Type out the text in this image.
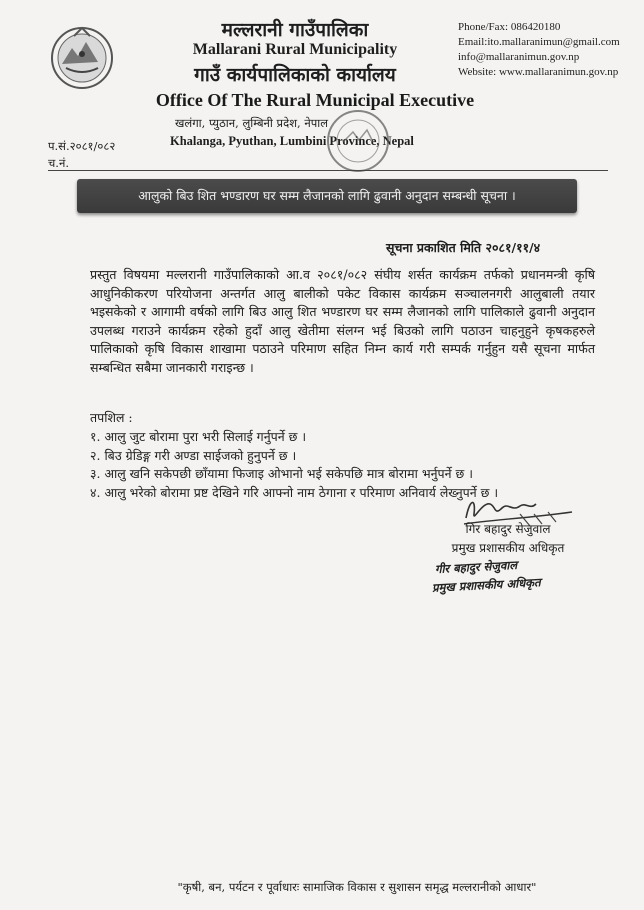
मल्लरानी गाउँपालिका
Mallarani Rural Municipality
गाउँ कार्यपालिकाको कार्यालय
Office Of The Rural Municipal Executive
खलंगा, प्युठान, लुम्बिनी प्रदेश, नेपाल
Khalanga, Pyuthan, Lumbini Province, Nepal
Phone/Fax: 086420180
Email:ito.mallaranimun@gmail.com
info@mallaranimun.gov.np
Website: www.mallaranimun.gov.np
प.सं.२०८१/०८२
च.नं.
आलुको बिउ शित भण्डारण घर सम्म लैजानको लागि ढुवानी अनुदान सम्बन्धी सूचना ।
सूचना प्रकाशित मिति २०८१/११/४
प्रस्तुत विषयमा मल्लरानी गाउँपालिकाको आ.व २०८१/०८२ संघीय शर्सत कार्यक्रम तर्फको प्रधानमन्त्री कृषि आधुनिकीकरण परियोजना अन्तर्गत आलु बालीको पकेट विकास कार्यक्रम सञ्चालनगरी आलुबाली तयार भइसकेको र आगामी वर्षको लागि बिउ आलु शित भण्डारण घर सम्म लैजानको लागि पालिकाले ढुवानी अनुदान उपलब्ध गराउने कार्यक्रम रहेको हुदाँ आलु खेतीमा संलग्न भई बिउको लागि पठाउन चाहनुहुने कृषकहरुले पालिकाको कृषि विकास शाखामा पठाउने परिमाण सहित निम्न कार्य गरी सम्पर्क गर्नुहुन यसै सूचना मार्फत सम्बन्धित सबैमा जानकारी गराइन्छ ।
तपशिल :
१. आलु जुट बोरामा पुरा भरी सिलाई गर्नुपर्ने छ ।
२. बिउ ग्रेडिङ्ग गरी अण्डा साईजको हुनुपर्ने छ ।
३. आलु खनि सकेपछी छाँयामा फिजाइ ओभानो भई सकेपछि मात्र बोरामा भर्नुपर्ने छ ।
४. आलु भरेको बोरामा प्रष्ट देखिने गरि आफ्नो नाम ठेगाना र परिमाण अनिवार्य लेख्नुपर्ने छ ।
गिर बहादुर सेजुवाल
प्रमुख प्रशासकीय अधिकृत
गीर बहादुर सेजुवाल
प्रमुख प्रशासकीय अधिकृत
"कृषी, बन, पर्यटन र पूर्वाधारः सामाजिक विकास र सुशासन समृद्ध मल्लरानीको आधार"
